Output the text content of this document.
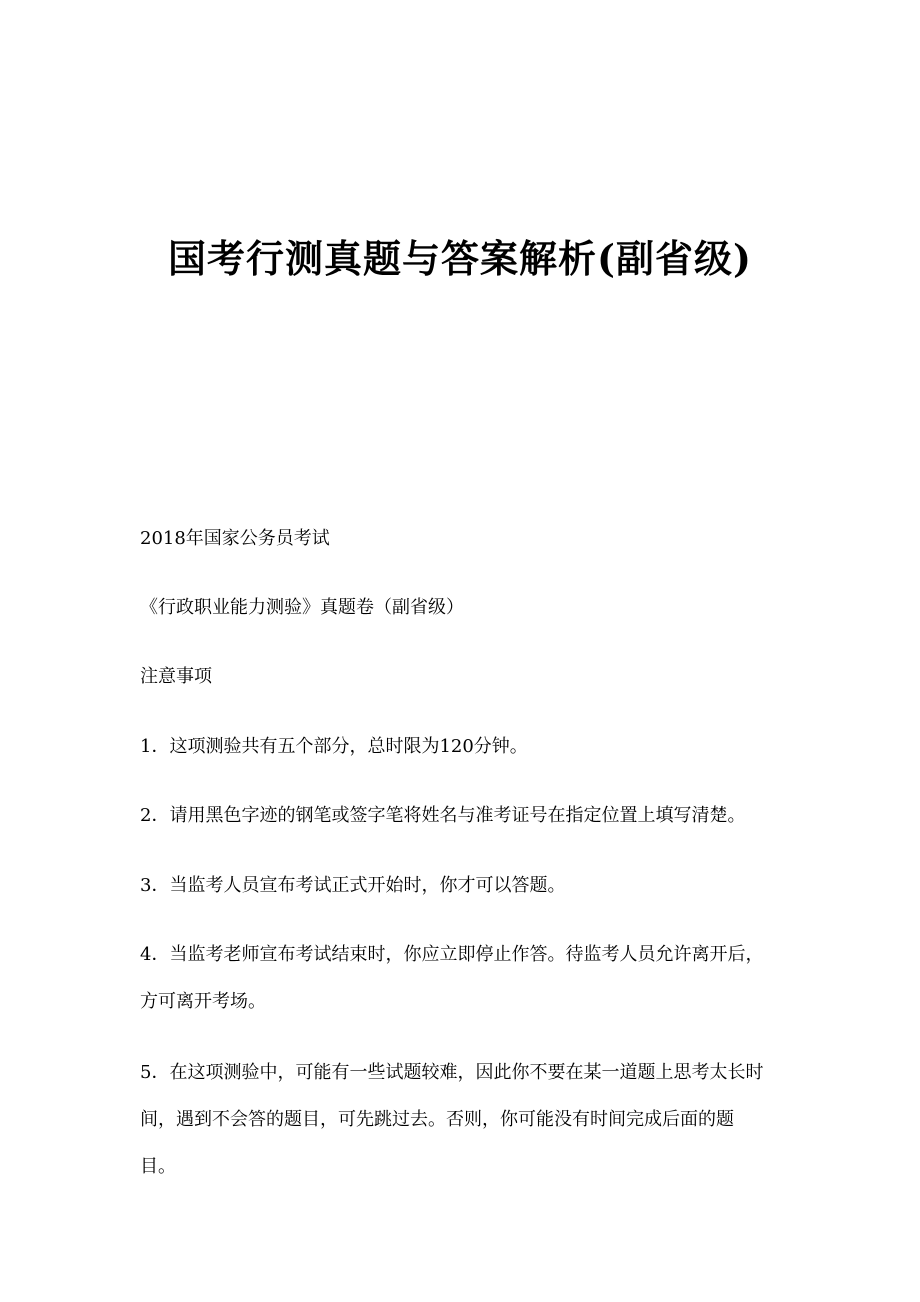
国考行测真题与答案解析(副省级)

2018年国家公务员考试

《行政职业能力测验》真题卷（副省级）

注意事项

1．这项测验共有五个部分，总时限为120分钟。

2．请用黑色字迹的钢笔或签字笔将姓名与准考证号在指定位置上填写清楚。

3．当监考人员宣布考试正式开始时，你才可以答题。

4．当监考老师宣布考试结束时，你应立即停止作答。待监考人员允许离开后，

方可离开考场。

5．在这项测验中，可能有一些试题较难，因此你不要在某一道题上思考太长时

间，遇到不会答的题目，可先跳过去。否则，你可能没有时间完成后面的题

目。
